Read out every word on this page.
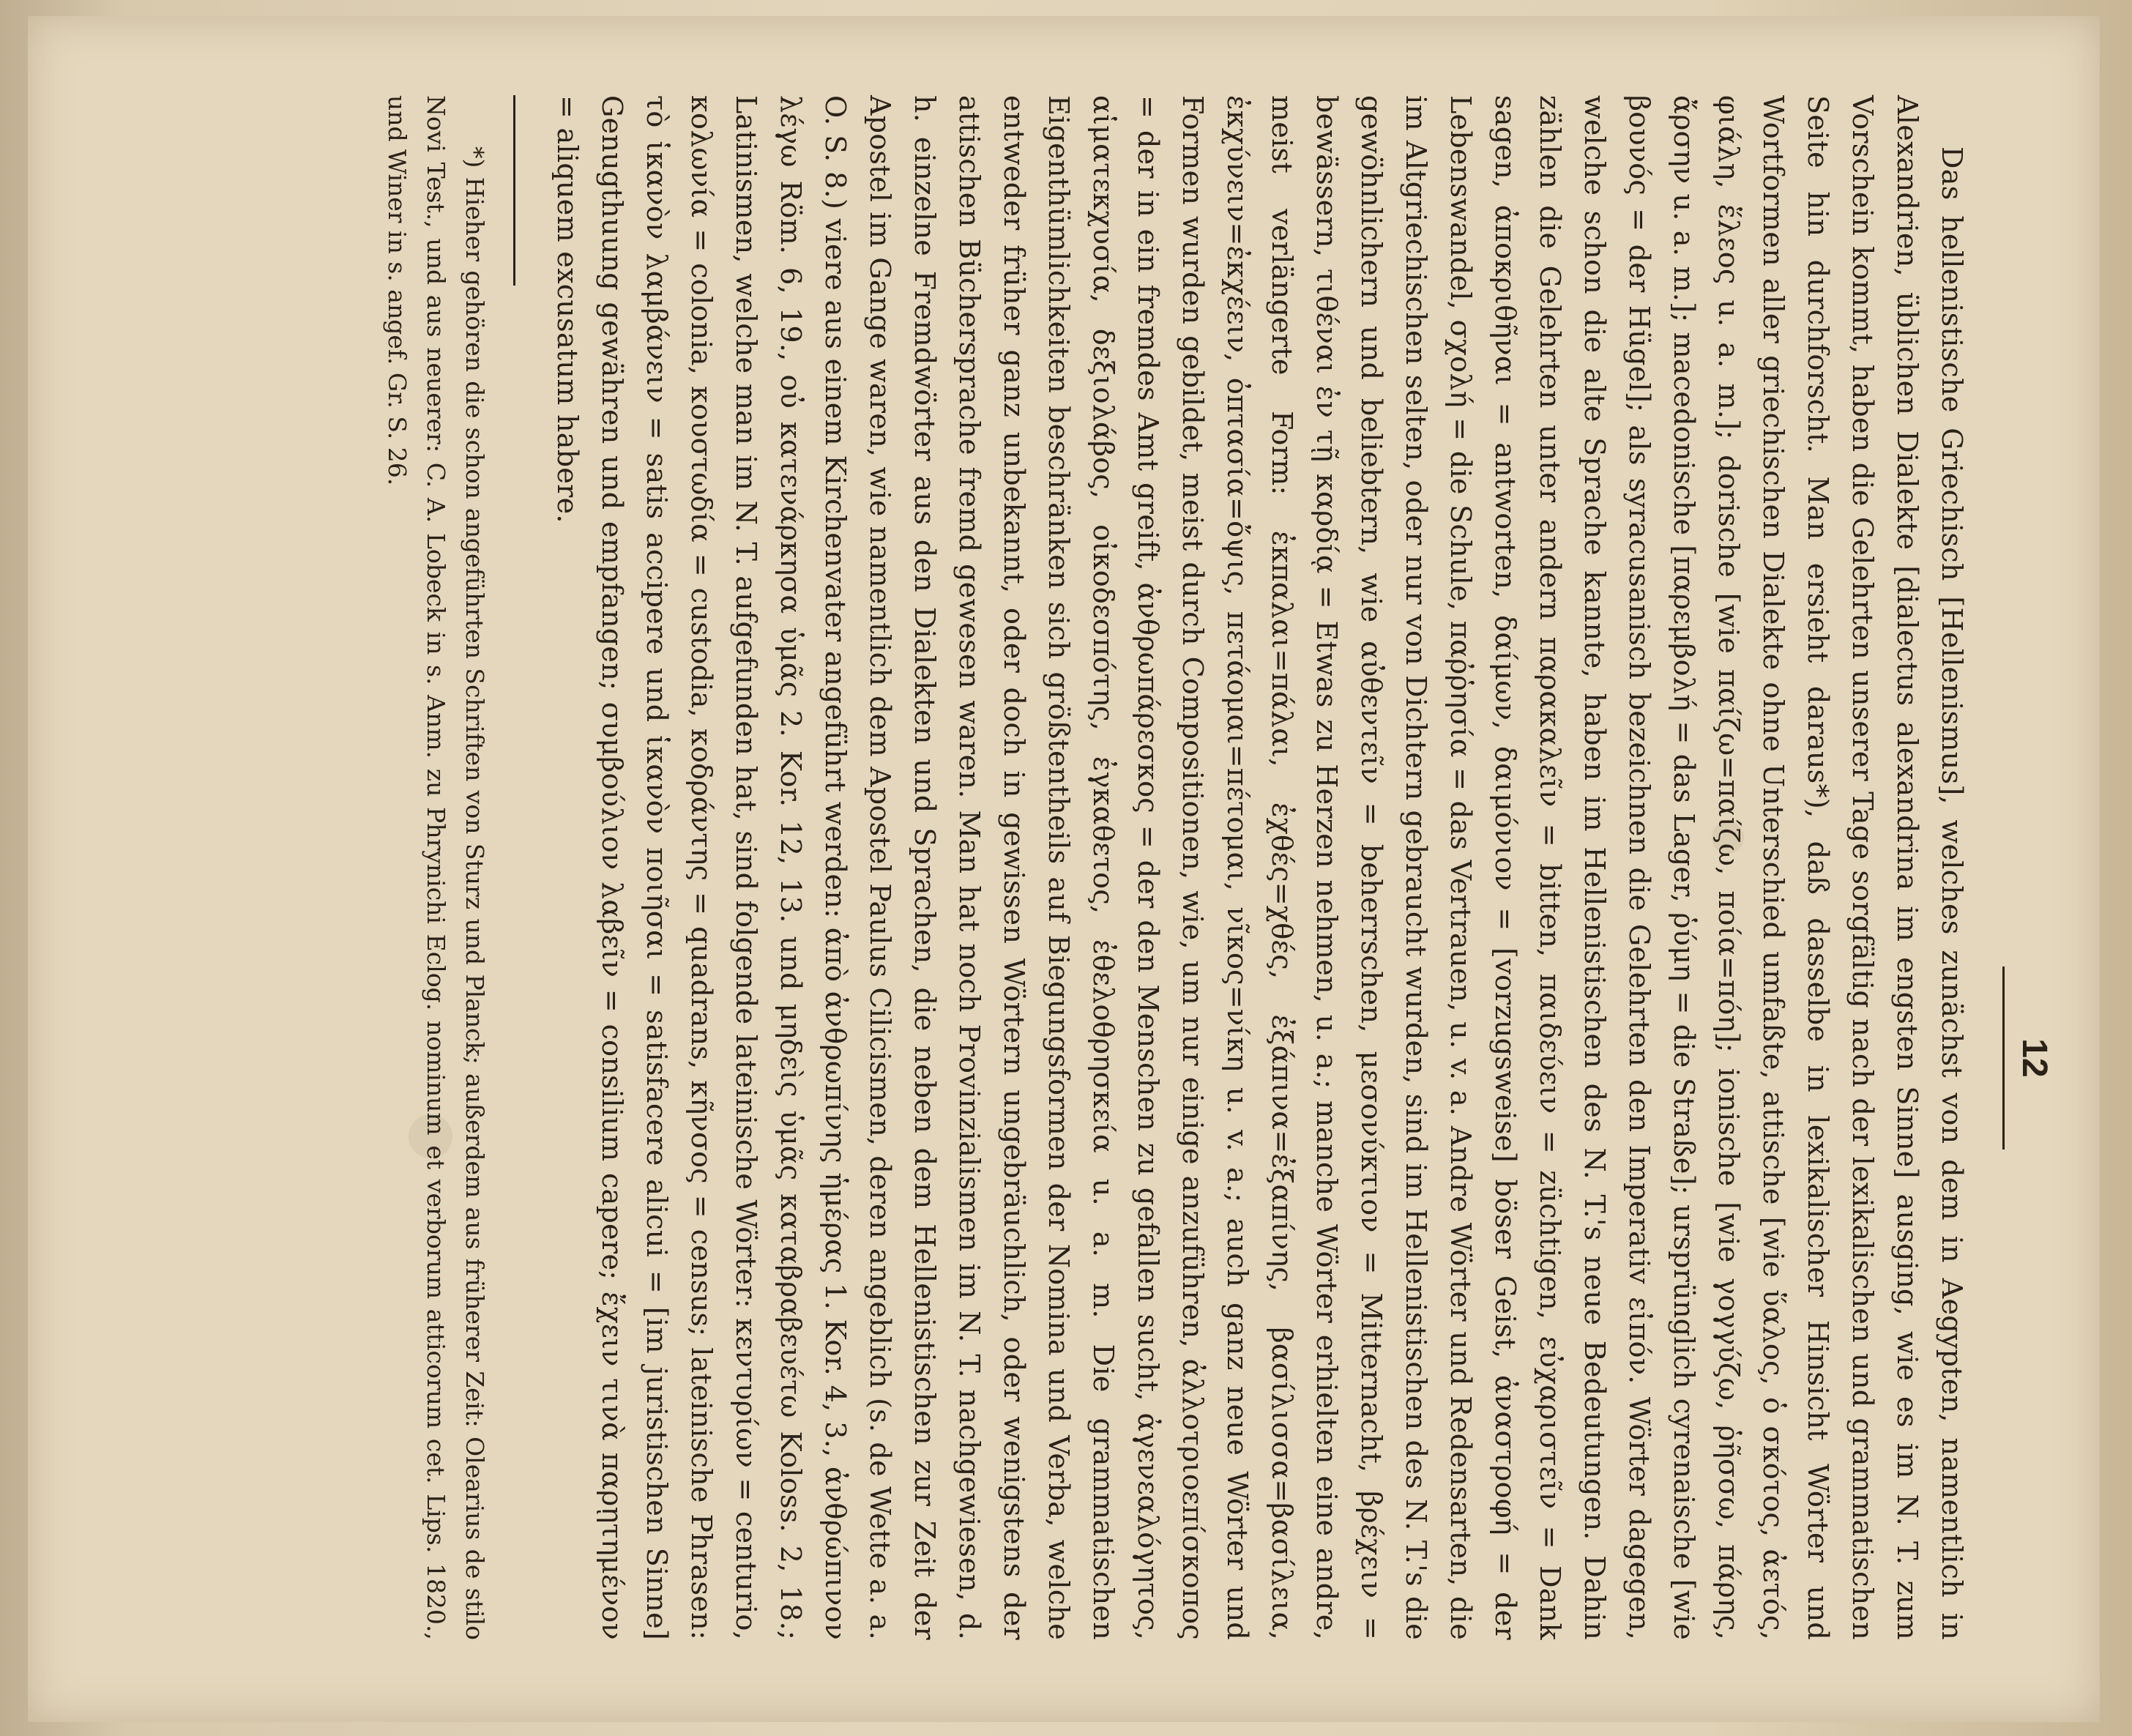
12

Das hellenistische Griechisch [Hellenismus], welches zunächst von dem in Aegypten, namentlich in Alexandrien, üblichen Dialekte [dialectus alexandrina im engsten Sinne] ausging, wie es im N. T. zum Vorschein kommt, haben die Gelehrten unserer Tage sorgfältig nach der lexikalischen und grammatischen Seite hin durchforscht. Man ersieht daraus*), daß dasselbe in lexikalischer Hinsicht Wörter und Wortformen aller griechischen Dialekte ohne Unterschied umfaßte, attische [wie ὕαλος, ὁ σκότος, ἀετός, φιάλη, ἕλεος u. a. m.]; dorische [wie παίζω=παίζω, ποία=πόη]; ionische [wie γογγύζω, ῥῆσσω, πάρης, ἄρσην u. a. m.]; macedonische [παρεμβολή = das Lager, ῥύμη = die Straße]; ursprünglich cyrenaische [wie βουνός = der Hügel]; als syracusanisch bezeichnen die Gelehrten den Imperativ εἰπόν. Wörter dagegen, welche schon die alte Sprache kannte, haben im Hellenistischen des N. T.'s neue Bedeutungen. Dahin zählen die Gelehrten unter andern παρακαλεῖν = bitten, παιδεύειν = züchtigen, εὐχαριστεῖν = Dank sagen, ἀποκριθῆναι = antworten, δαίμων, δαιμόνιον = [vorzugsweise] böser Geist, ἀναστροφή = der Lebenswandel, σχολή = die Schule, παῤῥησία = das Vertrauen, u. v. a. Andre Wörter und Redensarten, die im Altgriechischen selten, oder nur von Dichtern gebraucht wurden, sind im Hellenistischen des N. T.'s die gewöhnlichern und beliebtern, wie αὐθεντεῖν = beherrschen, μεσονύκτιον = Mitternacht, βρέχειν = bewässern, τιθέναι ἐν τῇ καρδίᾳ = Etwas zu Herzen nehmen, u. a.; manche Wörter erhielten eine andre, meist verlängerte Form: ἐκπαλαι=πάλαι, ἐχθές=χθές, ἐξάπινα=ἐξαπίνης, βασίλισσα=βασίλεια, ἐκχύνειν=ἐκχέειν, ὀπτασία=ὄψις, πετάομαι=πέτομαι, νῖκος=νίκη u. v. a.; auch ganz neue Wörter und Formen wurden gebildet, meist durch Compositionen, wie, um nur einige anzuführen, ἀλλοτριοεπίσκοπος = der in ein fremdes Amt greift, ἀνθρωπάρεσκος = der den Menschen zu gefallen sucht, ἀγενεαλόγητος, αἱματεκχυσία, δεξιολάβος, οἰκοδεσπότης, ἐγκαθετος, ἐθελοθρησκεία u. a. m. Die grammatischen Eigenthümlichkeiten beschränken sich größtentheils auf Biegungsformen der Nomina und Verba, welche entweder früher ganz unbekannt, oder doch in gewissen Wörtern ungebräuchlich, oder wenigstens der attischen Büchersprache fremd gewesen waren. Man hat noch Provinzialismen im N. T. nachgewiesen, d. h. einzelne Fremdwörter aus den Dialekten und Sprachen, die neben dem Hellenistischen zur Zeit der Apostel im Gange waren, wie namentlich dem Apostel Paulus Cilicismen, deren angeblich (s. de Wette a. a. O. S. 8.) viere aus einem Kirchenvater angeführt werden: ἀπὸ ἀνθρωπίνης ἡμέρας 1. Kor. 4, 3., ἀνθρώπινον λέγω Röm. 6, 19., οὐ κατενάρκησα ὑμᾶς 2. Kor. 12, 13. und μηδεὶς ὑμᾶς καταβραβευέτω Koloss. 2, 18.; Latinismen, welche man im N. T. aufgefunden hat, sind folgende lateinische Wörter: κεντυρίων = centurio, κολωνία = colonia, κουστωδία = custodia, κοδράντης = quadrans, κῆνσος = census; lateinische Phrasen: τὸ ἱκανὸν λαμβάνειν = satis accipere und ἱκανὸν ποιῆσαι = satisfacere alicui = [im juristischen Sinne] Genugthuung gewähren und empfangen; συμβούλιον λαβεῖν = consilium capere; ἔχειν τινὰ παρῃτημένον = aliquem excusatum habere.

*) Hieher gehören die schon angeführten Schriften von Sturz und Planck; außerdem aus früherer Zeit: Olearius de stilo Novi Test., und aus neuerer: C. A. Lobeck in s. Anm. zu Phrynichi Eclog. nominum et verborum atticorum cet. Lips. 1820., und Winer in s. angef. Gr. S. 26.
